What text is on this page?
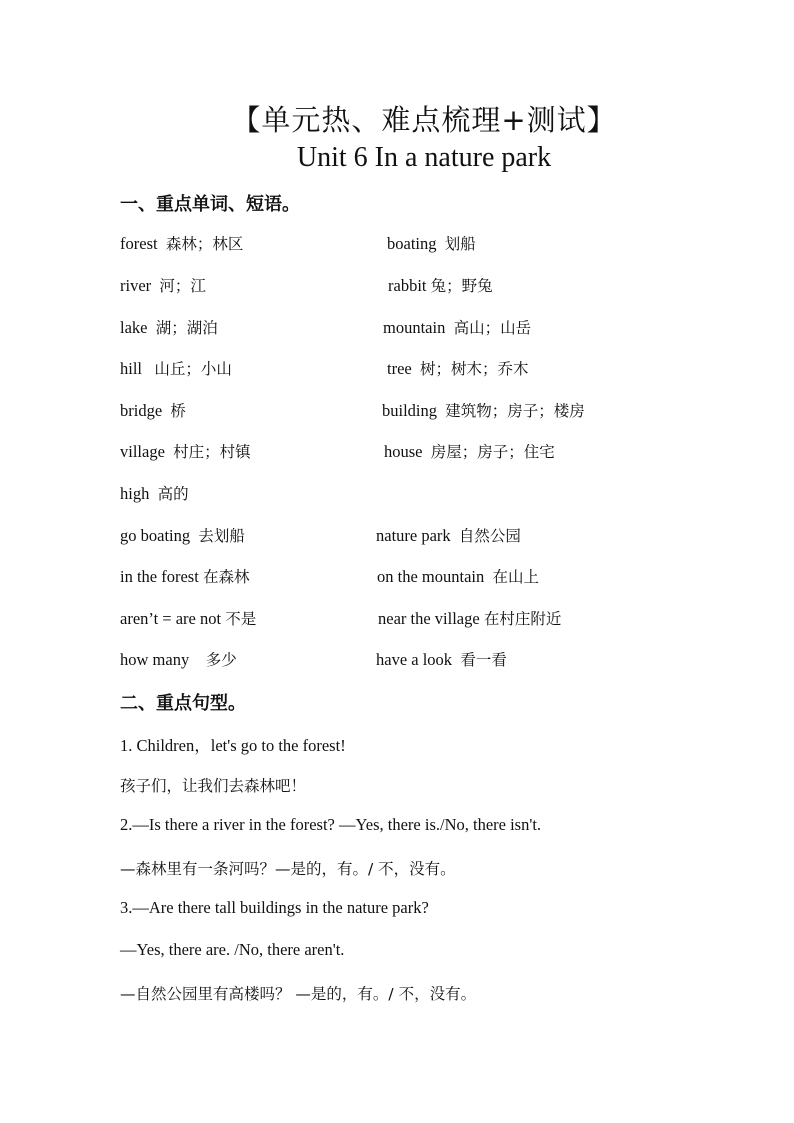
【单元热、难点梳理+测试】
Unit 6 In a nature park
一、重点单词、短语。
forest 森林；林区	boating 划船
river 河；江	rabbit 兔；野兔
lake 湖；湖泊	mountain 高山；山岳
hill 山丘；小山	tree 树；树木；乔木
bridge 桥	building 建筑物；房子；楼房
village 村庄；村镇	house 房屋；房子；住宅
high 高的
go boating 去划船	nature park 自然公园
in the forest 在森林	on the mountain 在山上
aren’t = are not 不是	near the village 在村庄附近
how many 多少	have a look 看一看
二、重点句型。
1. Children，let's go to the forest!
孩子们，让我们去森林吧！
2.—Is there a river in the forest? —Yes, there is./No, there isn't.
—森林里有一条河吗？—是的，有。/ 不，没有。
3.—Are there tall buildings in the nature park?
—Yes, there are. /No, there aren't.
—自然公园里有高楼吗？ —是的，有。/ 不，没有。
